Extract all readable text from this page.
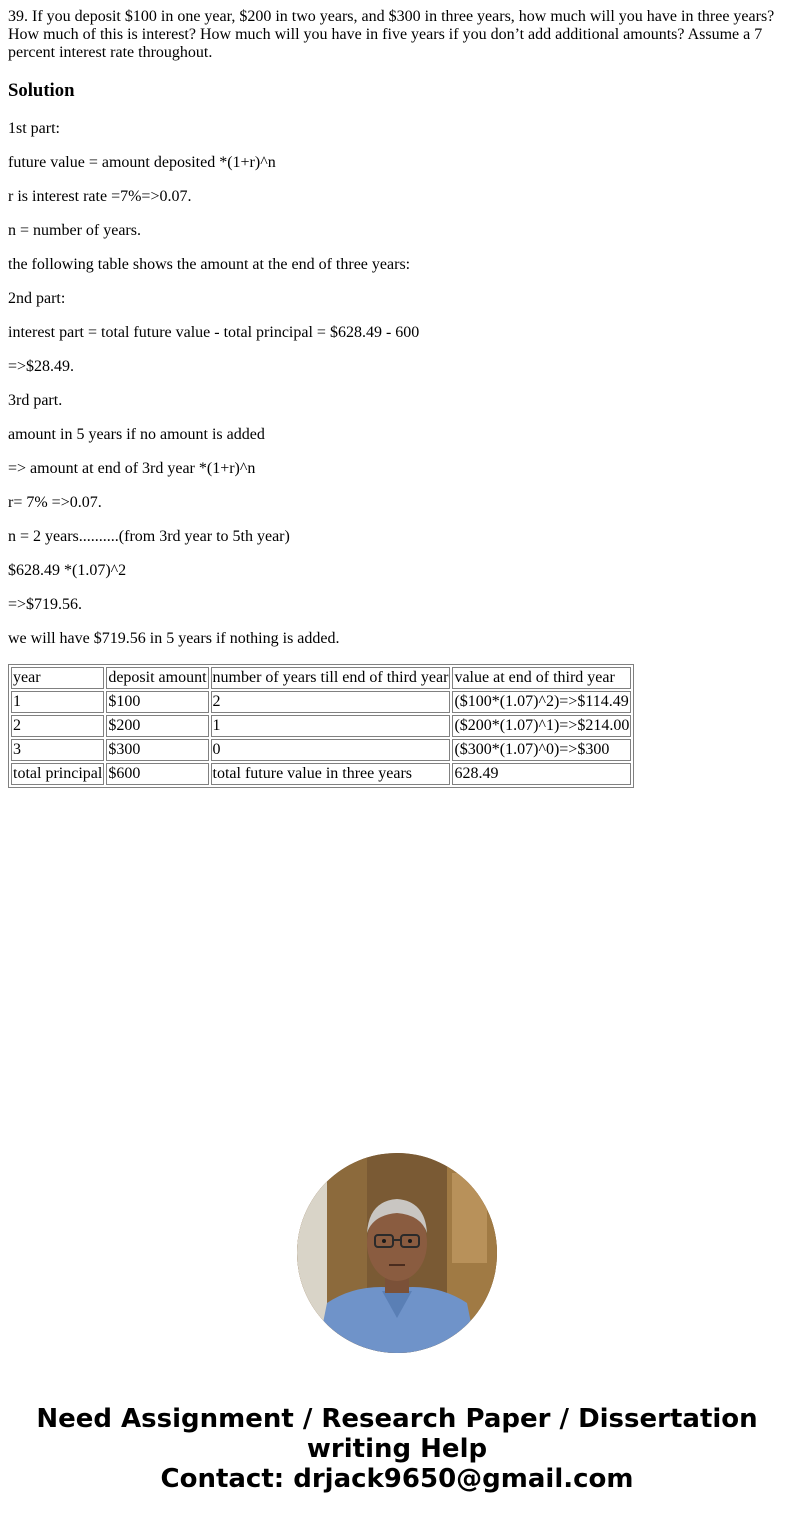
39. If you deposit $100 in one year, $200 in two years, and $300 in three years, how much will you have in three years? How much of this is interest? How much will you have in five years if you don’t add additional amounts? Assume a 7 percent interest rate throughout.

Solution

1st part:

future value = amount deposited *(1+r)^n

r is interest rate =7%=>0.07.

n = number of years.

the following table shows the amount at the end of three years:

2nd part:

interest part = total future value - total principal = $628.49 - 600

=>$28.49.

3rd part.

amount in 5 years if no amount is added

=> amount at end of 3rd year *(1+r)^n

r= 7% =>0.07.

n = 2 years..........(from 3rd year to 5th year)

$628.49 *(1.07)^2

=>$719.56.

we will have $719.56 in 5 years if nothing is added.

year	deposit amount	number of years till end of third year	value at end of third year
1	$100	2	($100*(1.07)^2)=>$114.49
2	$200	1	($200*(1.07)^1)=>$214.00
3	$300	0	($300*(1.07)^0)=>$300
total principal	$600	total future value in three years	628.49
Need Assignment / Research Paper / Dissertation
writing Help
Contact: drjack9650@gmail.com
